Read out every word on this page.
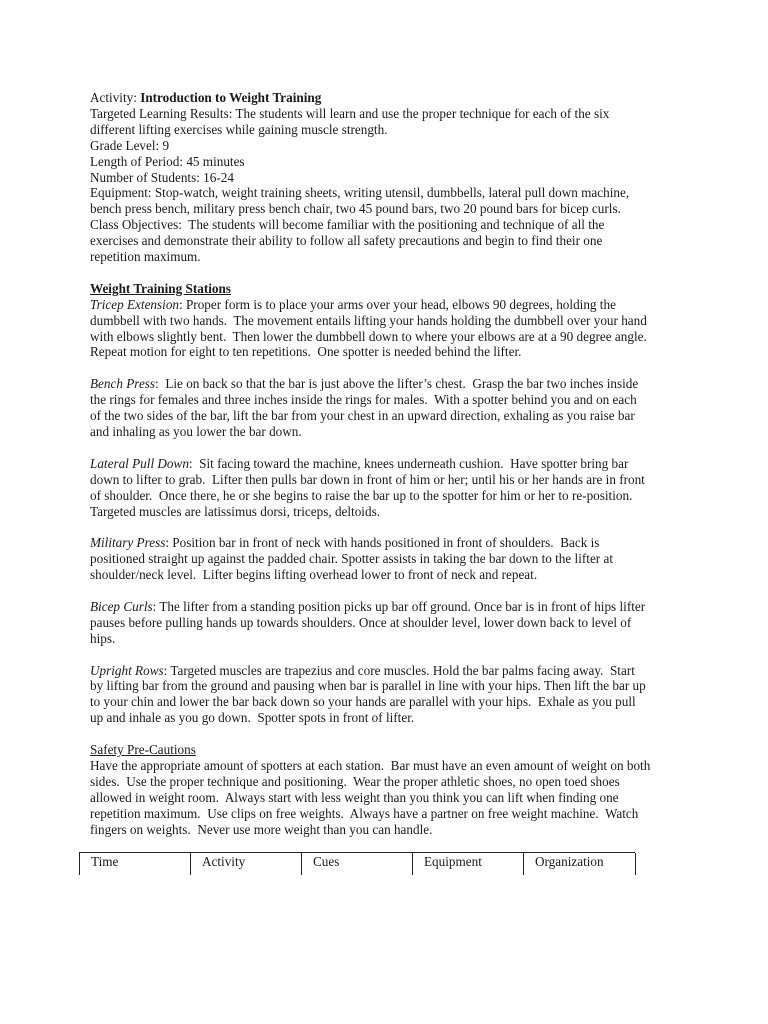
Activity: Introduction to Weight Training
Targeted Learning Results: The students will learn and use the proper technique for each of the six
different lifting exercises while gaining muscle strength.
Grade Level: 9
Length of Period: 45 minutes
Number of Students: 16-24
Equipment: Stop-watch, weight training sheets, writing utensil, dumbbells, lateral pull down machine,
bench press bench, military press bench chair, two 45 pound bars, two 20 pound bars for bicep curls.
Class Objectives:  The students will become familiar with the positioning and technique of all the
exercises and demonstrate their ability to follow all safety precautions and begin to find their one
repetition maximum.
Weight Training Stations
Tricep Extension: Proper form is to place your arms over your head, elbows 90 degrees, holding the
dumbbell with two hands.  The movement entails lifting your hands holding the dumbbell over your hand
with elbows slightly bent.  Then lower the dumbbell down to where your elbows are at a 90 degree angle.
Repeat motion for eight to ten repetitions.  One spotter is needed behind the lifter.
Bench Press:  Lie on back so that the bar is just above the lifter’s chest.  Grasp the bar two inches inside
the rings for females and three inches inside the rings for males.  With a spotter behind you and on each
of the two sides of the bar, lift the bar from your chest in an upward direction, exhaling as you raise bar
and inhaling as you lower the bar down.
Lateral Pull Down:  Sit facing toward the machine, knees underneath cushion.  Have spotter bring bar
down to lifter to grab.  Lifter then pulls bar down in front of him or her; until his or her hands are in front
of shoulder.  Once there, he or she begins to raise the bar up to the spotter for him or her to re-position.
Targeted muscles are latissimus dorsi, triceps, deltoids.
Military Press: Position bar in front of neck with hands positioned in front of shoulders.  Back is
positioned straight up against the padded chair. Spotter assists in taking the bar down to the lifter at
shoulder/neck level.  Lifter begins lifting overhead lower to front of neck and repeat.
Bicep Curls: The lifter from a standing position picks up bar off ground. Once bar is in front of hips lifter
pauses before pulling hands up towards shoulders. Once at shoulder level, lower down back to level of
hips.
Upright Rows: Targeted muscles are trapezius and core muscles. Hold the bar palms facing away.  Start
by lifting bar from the ground and pausing when bar is parallel in line with your hips. Then lift the bar up
to your chin and lower the bar back down so your hands are parallel with your hips.  Exhale as you pull
up and inhale as you go down.  Spotter spots in front of lifter.
Safety Pre-Cautions
Have the appropriate amount of spotters at each station.  Bar must have an even amount of weight on both
sides.  Use the proper technique and positioning.  Wear the proper athletic shoes, no open toed shoes
allowed in weight room.  Always start with less weight than you think you can lift when finding one
repetition maximum.  Use clips on free weights.  Always have a partner on free weight machine.  Watch
fingers on weights.  Never use more weight than you can handle.
Time	Activity	Cues	Equipment	Organization
